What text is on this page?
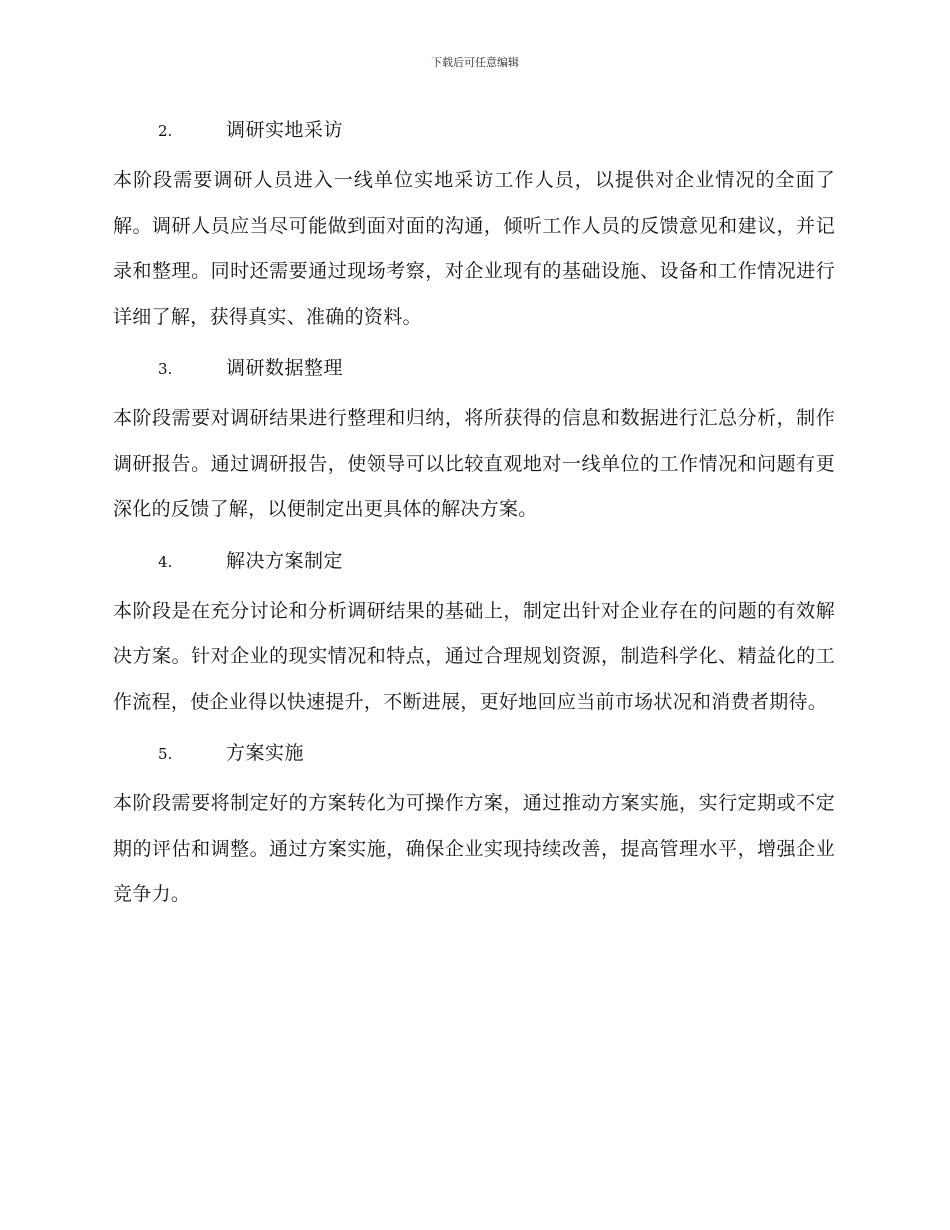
下载后可任意编辑
2.	调研实地采访

本阶段需要调研人员进入一线单位实地采访工作人员，以提供对企业情况的全面了解。调研人员应当尽可能做到面对面的沟通，倾听工作人员的反馈意见和建议，并记录和整理。同时还需要通过现场考察，对企业现有的基础设施、设备和工作情况进行详细了解，获得真实、准确的资料。

3.	调研数据整理

本阶段需要对调研结果进行整理和归纳，将所获得的信息和数据进行汇总分析，制作调研报告。通过调研报告，使领导可以比较直观地对一线单位的工作情况和问题有更深化的反馈了解，以便制定出更具体的解决方案。

4.	解决方案制定

本阶段是在充分讨论和分析调研结果的基础上，制定出针对企业存在的问题的有效解决方案。针对企业的现实情况和特点，通过合理规划资源，制造科学化、精益化的工作流程，使企业得以快速提升，不断进展，更好地回应当前市场状况和消费者期待。

5.	方案实施

本阶段需要将制定好的方案转化为可操作方案，通过推动方案实施，实行定期或不定期的评估和调整。通过方案实施，确保企业实现持续改善，提高管理水平，增强企业竞争力。
